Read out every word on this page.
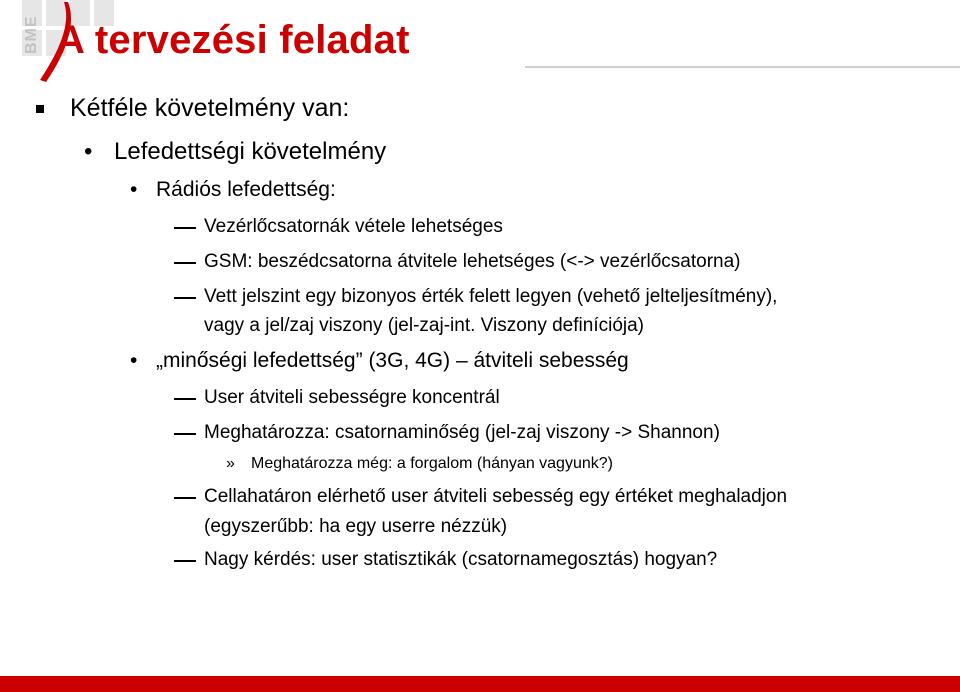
BME A tervezési feladat
Kétféle követelmény van:
• Lefedettségi követelmény
• Rádiós lefedettség:
Vezérlőcsatornák vétele lehetséges
GSM: beszédcsatorna átvitele lehetséges (<-> vezérlőcsatorna)
Vett jelszint egy bizonyos érték felett legyen (vehető jelteljesítmény),
vagy a jel/zaj viszony (jel-zaj-int. Viszony definíciója)
• „minőségi lefedettség” (3G, 4G) – átviteli sebesség
User átviteli sebességre koncentrál
Meghatározza: csatornaminőség (jel-zaj viszony -> Shannon)
» Meghatározza még: a forgalom (hányan vagyunk?)
Cellahatáron elérhető user átviteli sebesség egy értéket meghaladjon
(egyszerűbb: ha egy userre nézzük)
Nagy kérdés: user statisztikák (csatornamegosztás) hogyan?
